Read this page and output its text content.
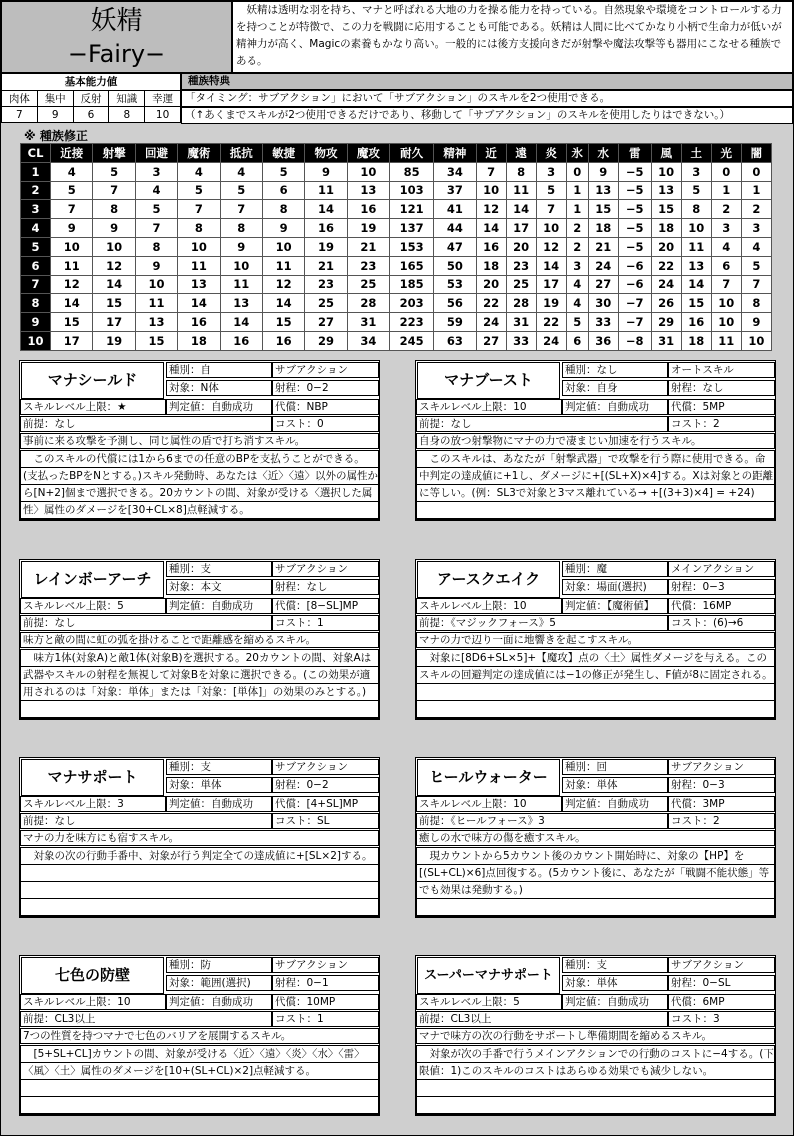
妖精
−Fairy−
　妖精は透明な羽を持ち、マナと呼ばれる大地の力を操る能力を持っている。自然現象や環境をコントロールする力を持つことが特徴で、この力を戦闘に応用することも可能である。妖精は人間に比べてかなり小柄で生命力が低いが精神力が高く、Magicの素養もかなり高い。一般的には後方支援向きだが射撃や魔法攻撃等も器用にこなせる種族である。
基本能力値				
肉体	集中	反射	知識	幸運
7	9	6	8	10
種族特典
「タイミング：サブアクション」において「サブアクション」のスキルを2つ使用できる。
（↑あくまでスキルが2つ使用できるだけであり、移動して「サブアクション」のスキルを使用したりはできない。）
※ 種族修正
CL	近接	射撃	回避	魔術	抵抗	敏捷	物攻	魔攻	耐久	精神	近	遠	炎	氷	水	雷	風	土	光	闇
1	4	5	3	4	4	5	9	10	85	34	7	8	3	0	9	−5	10	3	0	0
2	5	7	4	5	5	6	11	13	103	37	10	11	5	1	13	−5	13	5	1	1
3	7	8	5	7	7	8	14	16	121	41	12	14	7	1	15	−5	15	8	2	2
4	9	9	7	8	8	9	16	19	137	44	14	17	10	2	18	−5	18	10	3	3
5	10	10	8	10	9	10	19	21	153	47	16	20	12	2	21	−5	20	11	4	4
6	11	12	9	11	10	11	21	23	165	50	18	23	14	3	24	−6	22	13	6	5
7	12	14	10	13	11	12	23	25	185	53	20	25	17	4	27	−6	24	14	7	7
8	14	15	11	14	13	14	25	28	203	56	22	28	19	4	30	−7	26	15	10	8
9	15	17	13	16	14	15	27	31	223	59	24	31	22	5	33	−7	29	16	10	9
10	17	19	15	18	16	16	29	34	245	63	27	33	24	6	36	−8	31	18	11	10
マナシールド
種別：自	サブアクション
対象：N体	射程：0−2
スキルレベル上限：★	判定値：自動成功	代償：NBP
前提：なし	コスト：0
事前に来る攻撃を予測し、同じ属性の盾で打ち消すスキル。
　このスキルの代償には1から6までの任意のBPを支払うことができる。(支払ったBPをNとする。)スキル発動時、あなたは〈近〉〈遠〉以外の属性から[N+2]個まで選択できる。20カウントの間、対象が受ける〈選択した属性〉属性のダメージを[30+CL×8]点軽減する。
マナブースト
種別：なし	オートスキル
対象：自身	射程：なし
スキルレベル上限：10	判定値：自動成功	代償：5MP
前提：なし	コスト：2
自身の放つ射撃物にマナの力で凄まじい加速を行うスキル。
　このスキルは、あなたが「射撃武器」で攻撃を行う際に使用できる。命中判定の達成値に+1し、ダメージに+[(SL+X)×4]する。Xは対象との距離に等しい。(例：SL3で対象と3マス離れている→ +[(3+3)×4] = +24)
レインボーアーチ
種別：支	サブアクション
対象：本文	射程：なし
スキルレベル上限：5	判定値：自動成功	代償：[8−SL]MP
前提：なし	コスト：1
味方と敵の間に虹の弧を掛けることで距離感を縮めるスキル。
　味方1体(対象A)と敵1体(対象B)を選択する。20カウントの間、対象Aは武器やスキルの射程を無視して対象Bを対象に選択できる。(この効果が適用されるのは「対象：単体」または「対象：[単体]」の効果のみとする。)
アースクエイク
種別：魔	メインアクション
対象：場面(選択)	射程：0−3
スキルレベル上限：10	判定値：【魔術値】	代償：16MP
前提：《マジックフォース》5	コスト：(6)→6
マナの力で辺り一面に地響きを起こすスキル。
　対象に[8D6+SL×5]+【魔攻】点の〈土〉属性ダメージを与える。このスキルの回避判定の達成値には−1の修正が発生し、F値が8に固定される。
マナサポート
種別：支	サブアクション
対象：単体	射程：0−2
スキルレベル上限：3	判定値：自動成功	代償：[4+SL]MP
前提：なし	コスト：SL
マナの力を味方にも宿すスキル。
　対象の次の行動手番中、対象が行う判定全ての達成値に+[SL×2]する。
ヒールウォーター
種別：回	サブアクション
対象：単体	射程：0−3
スキルレベル上限：10	判定値：自動成功	代償：3MP
前提：《ヒールフォース》3	コスト：2
癒しの水で味方の傷を癒すスキル。
　現カウントから5カウント後のカウント開始時に、対象の【HP】を[(SL+CL)×6]点回復する。(5カウント後に、あなたが「戦闘不能状態」等でも効果は発動する。)
七色の防壁
種別：防	サブアクション
対象：範囲(選択)	射程：0−1
スキルレベル上限：10	判定値：自動成功	代償：10MP
前提：CL3以上	コスト：1
7つの性質を持つマナで七色のバリアを展開するスキル。
　[5+SL+CL]カウントの間、対象が受ける〈近〉〈遠〉〈炎〉〈水〉〈雷〉〈風〉〈土〉属性のダメージを[10+(SL+CL)×2]点軽減する。
スーパーマナサポート
種別：支	サブアクション
対象：単体	射程：0−SL
スキルレベル上限：5	判定値：自動成功	代償：6MP
前提：CL3以上	コスト：3
マナで味方の次の行動をサポートし準備期間を縮めるスキル。
　対象が次の手番で行うメインアクションでの行動のコストに−4する。(下限値：1)このスキルのコストはあらゆる効果でも減少しない。
